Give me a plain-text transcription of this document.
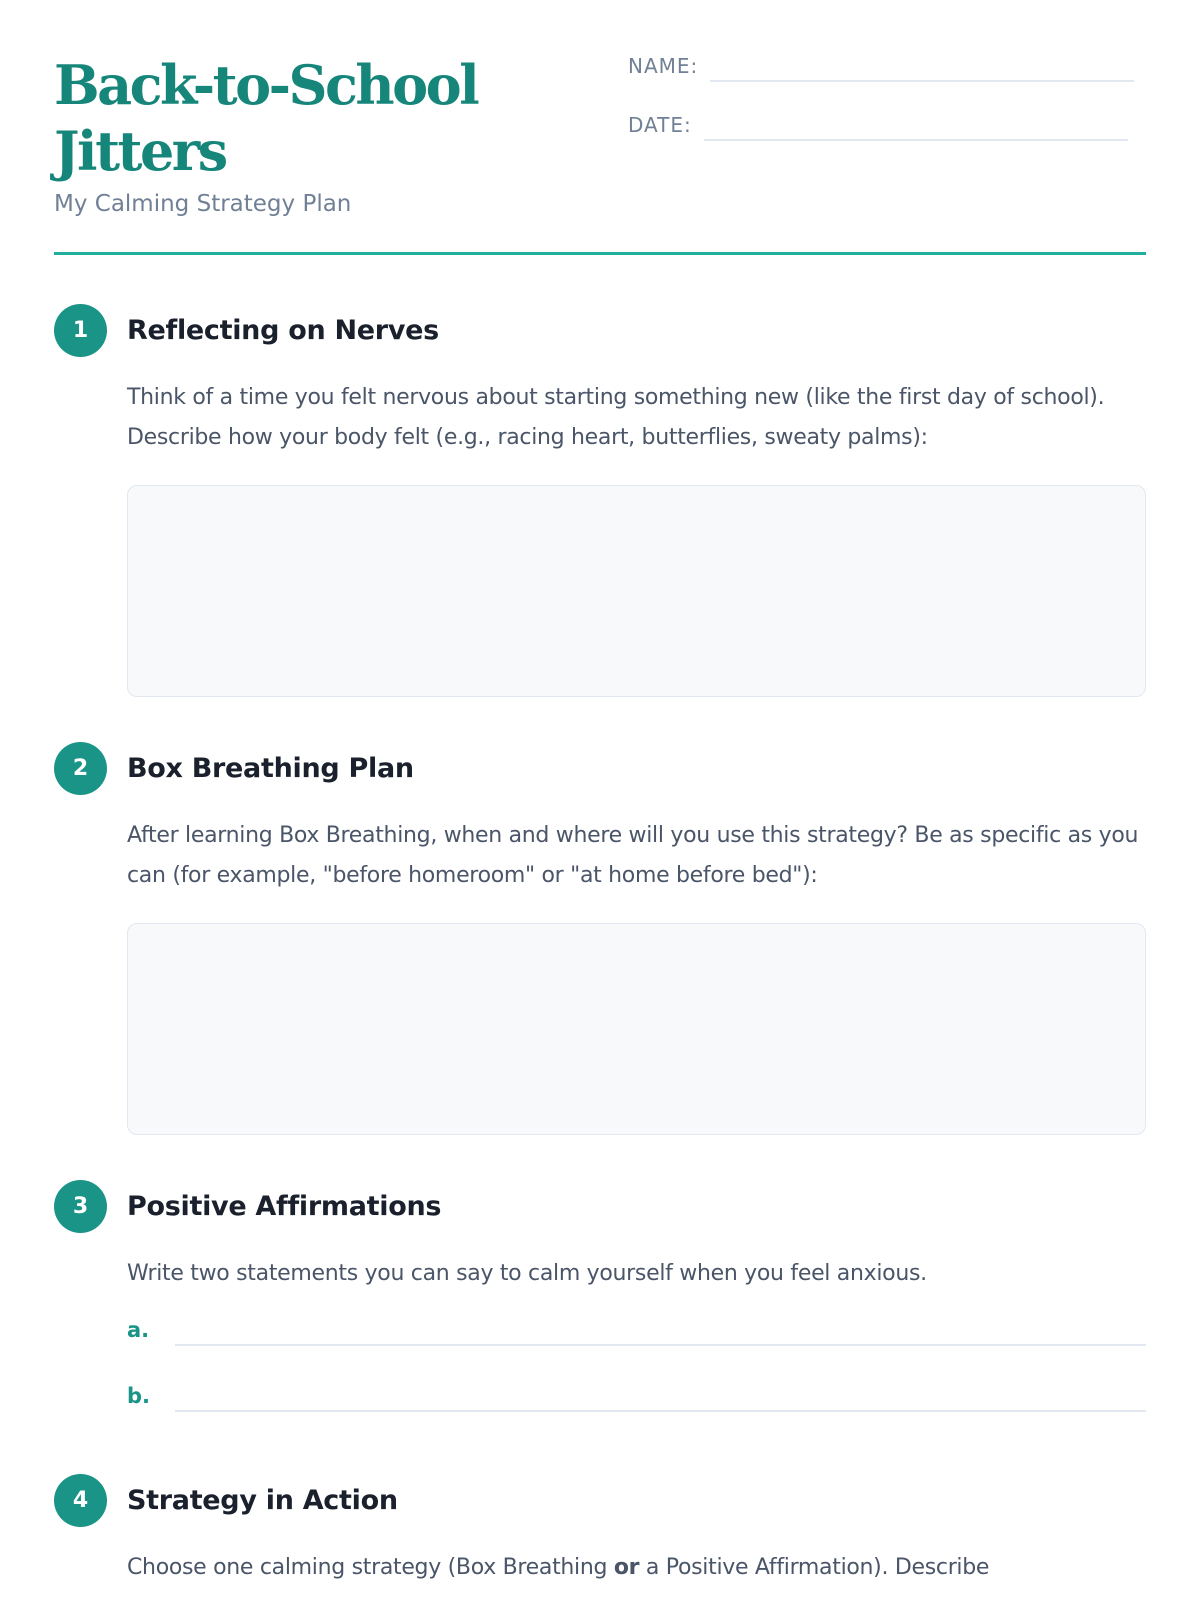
Back-to-School Jitters
My Calming Strategy Plan
NAME:
DATE:
1	Reflecting on Nerves
Think of a time you felt nervous about starting something new (like the first day of school). Describe how your body felt (e.g., racing heart, butterflies, sweaty palms):
2	Box Breathing Plan
After learning Box Breathing, when and where will you use this strategy? Be as specific as you can (for example, "before homeroom" or "at home before bed"):
3	Positive Affirmations
Write two statements you can say to calm yourself when you feel anxious.
a.
b.
4	Strategy in Action
Choose one calming strategy (Box Breathing or a Positive Affirmation). Describe
